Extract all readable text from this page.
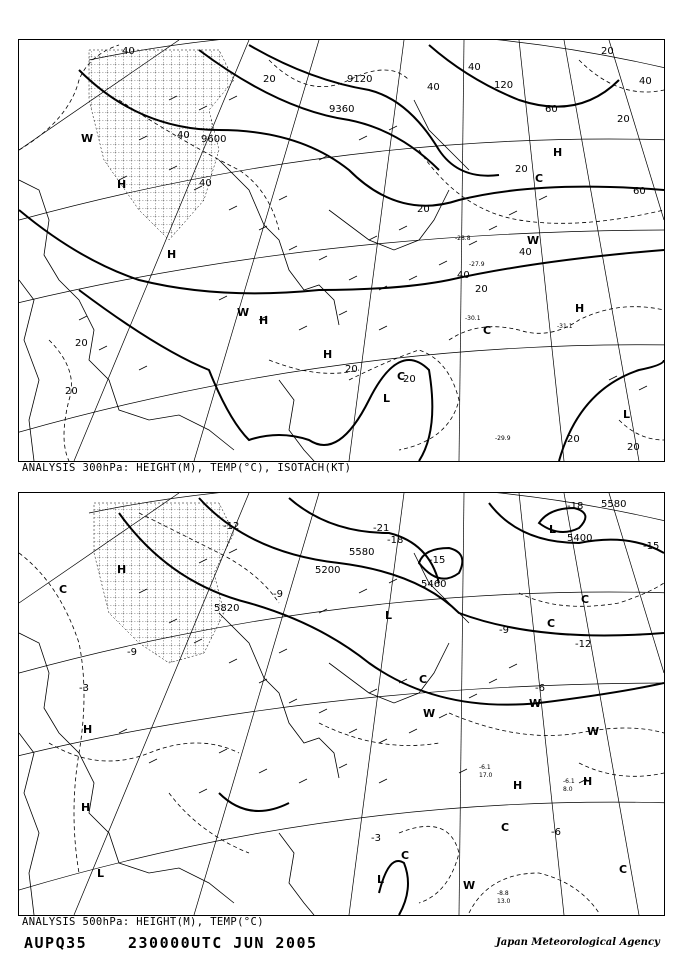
9120
9360
9600
40
20
40
40
120
60
40
20
40
20
20
40
60
40
40
20
20
20
20
20
20
20
20
W
H
H
H
H
W	H
C
W
H
L
C
L
C
-30.1
-31.1
-29.9
-28.8
-27.9
ANALYSIS 300hPa: HEIGHT(M), TEMP(°C), ISOTACH(KT)
5580
5400
5580
5820
5200
5460
-12
-9
-18
-21
-18
-15
-12
-15
-9
-9
-3	-6
-3
-6
C
H
L
C
C
H
H
W
C
W
W
H	H
C
C
L	L
W
C
L
-6.1
17.0
-6.1
8.0
-8.8
13.0
ANALYSIS 500hPa: HEIGHT(M), TEMP(°C)
AUPQ35	230000UTC JUN 2005	Japan Meteorological Agency
